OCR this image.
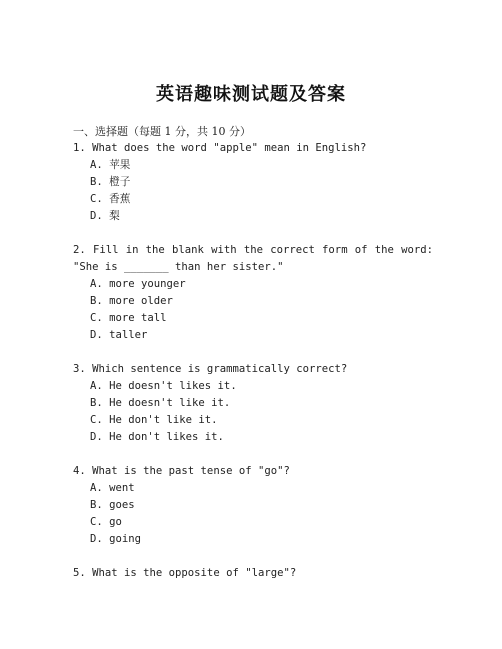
英语趣味测试题及答案
一、选择题（每题 1 分，共 10 分）
1. What does the word "apple" mean in English?
A. 苹果
B. 橙子
C. 香蕉
D. 梨
2. Fill in the blank with the correct form of the word: "She is _______ than her sister."
A. more younger
B. more older
C. more tall
D. taller
3. Which sentence is grammatically correct?
A. He doesn't likes it.
B. He doesn't like it.
C. He don't like it.
D. He don't likes it.
4. What is the past tense of "go"?
A. went
B. goes
C. go
D. going
5. What is the opposite of "large"?
